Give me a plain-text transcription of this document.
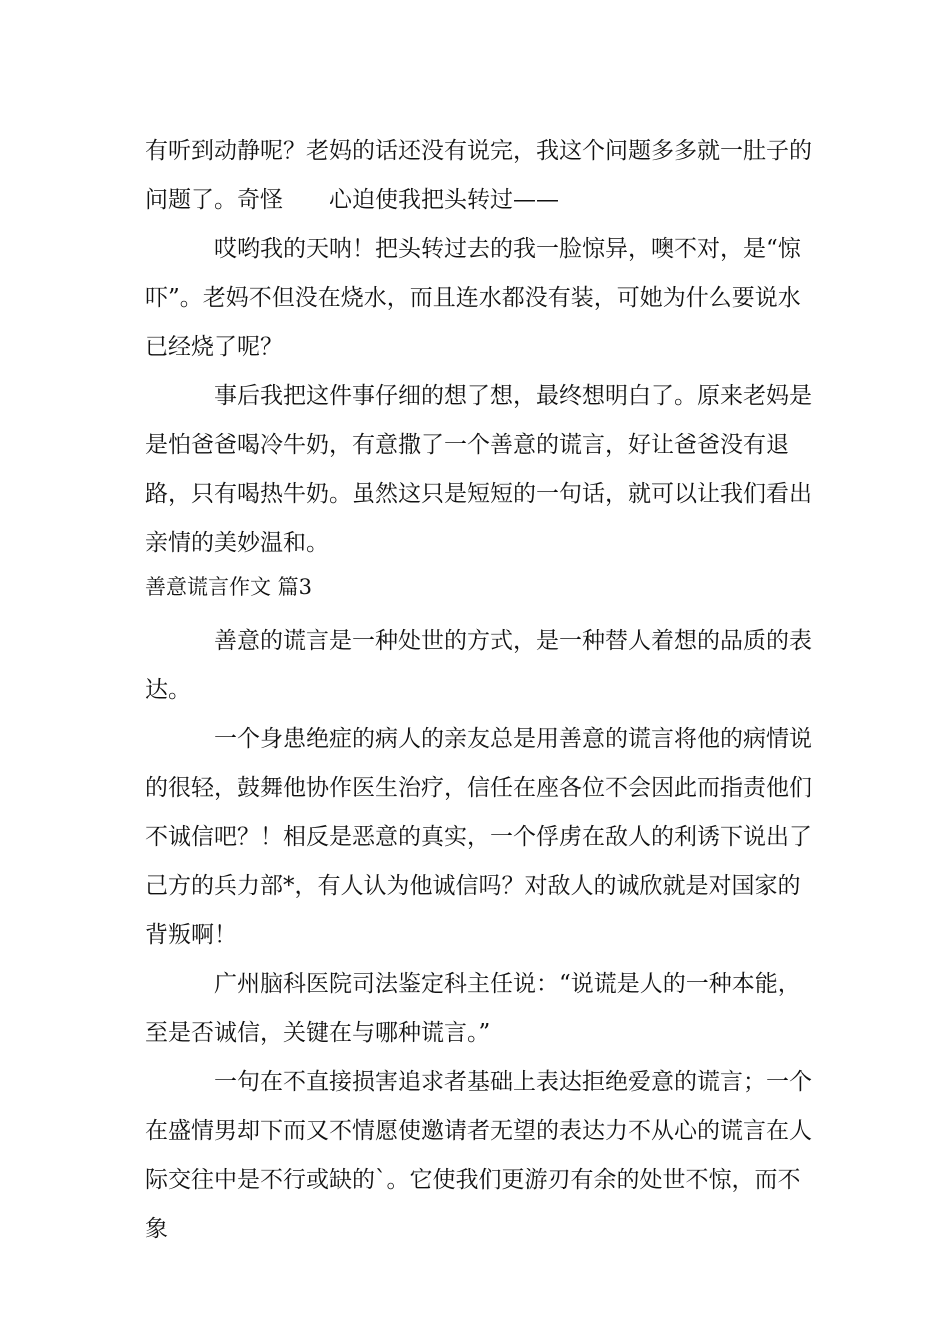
有听到动静呢？老妈的话还没有说完，我这个问题多多就一肚子的问题了。奇怪 心迫使我把头转过——

哎哟我的天呐！把头转过去的我一脸惊异，噢不对，是“惊吓”。老妈不但没在烧水，而且连水都没有装，可她为什么要说水已经烧了呢？

事后我把这件事仔细的想了想，最终想明白了。原来老妈是是怕爸爸喝冷牛奶，有意撒了一个善意的谎言，好让爸爸没有退路，只有喝热牛奶。虽然这只是短短的一句话，就可以让我们看出亲情的美妙温和。

善意谎言作文 篇3

善意的谎言是一种处世的方式，是一种替人着想的品质的表达。

一个身患绝症的病人的亲友总是用善意的谎言将他的病情说的很轻，鼓舞他协作医生治疗，信任在座各位不会因此而指责他们不诚信吧？！相反是恶意的真实，一个俘虏在敌人的利诱下说出了己方的兵力部*，有人认为他诚信吗？对敌人的诚欣就是对国家的背叛啊！

广州脑科医院司法鉴定科主任说：“说谎是人的一种本能，至是否诚信，关键在与哪种谎言。”

一句在不直接损害追求者基础上表达拒绝爱意的谎言；一个在盛情男却下而又不情愿使邀请者无望的表达力不从心的谎言在人际交往中是不行或缺的`。它使我们更游刃有余的处世不惊，而不象
